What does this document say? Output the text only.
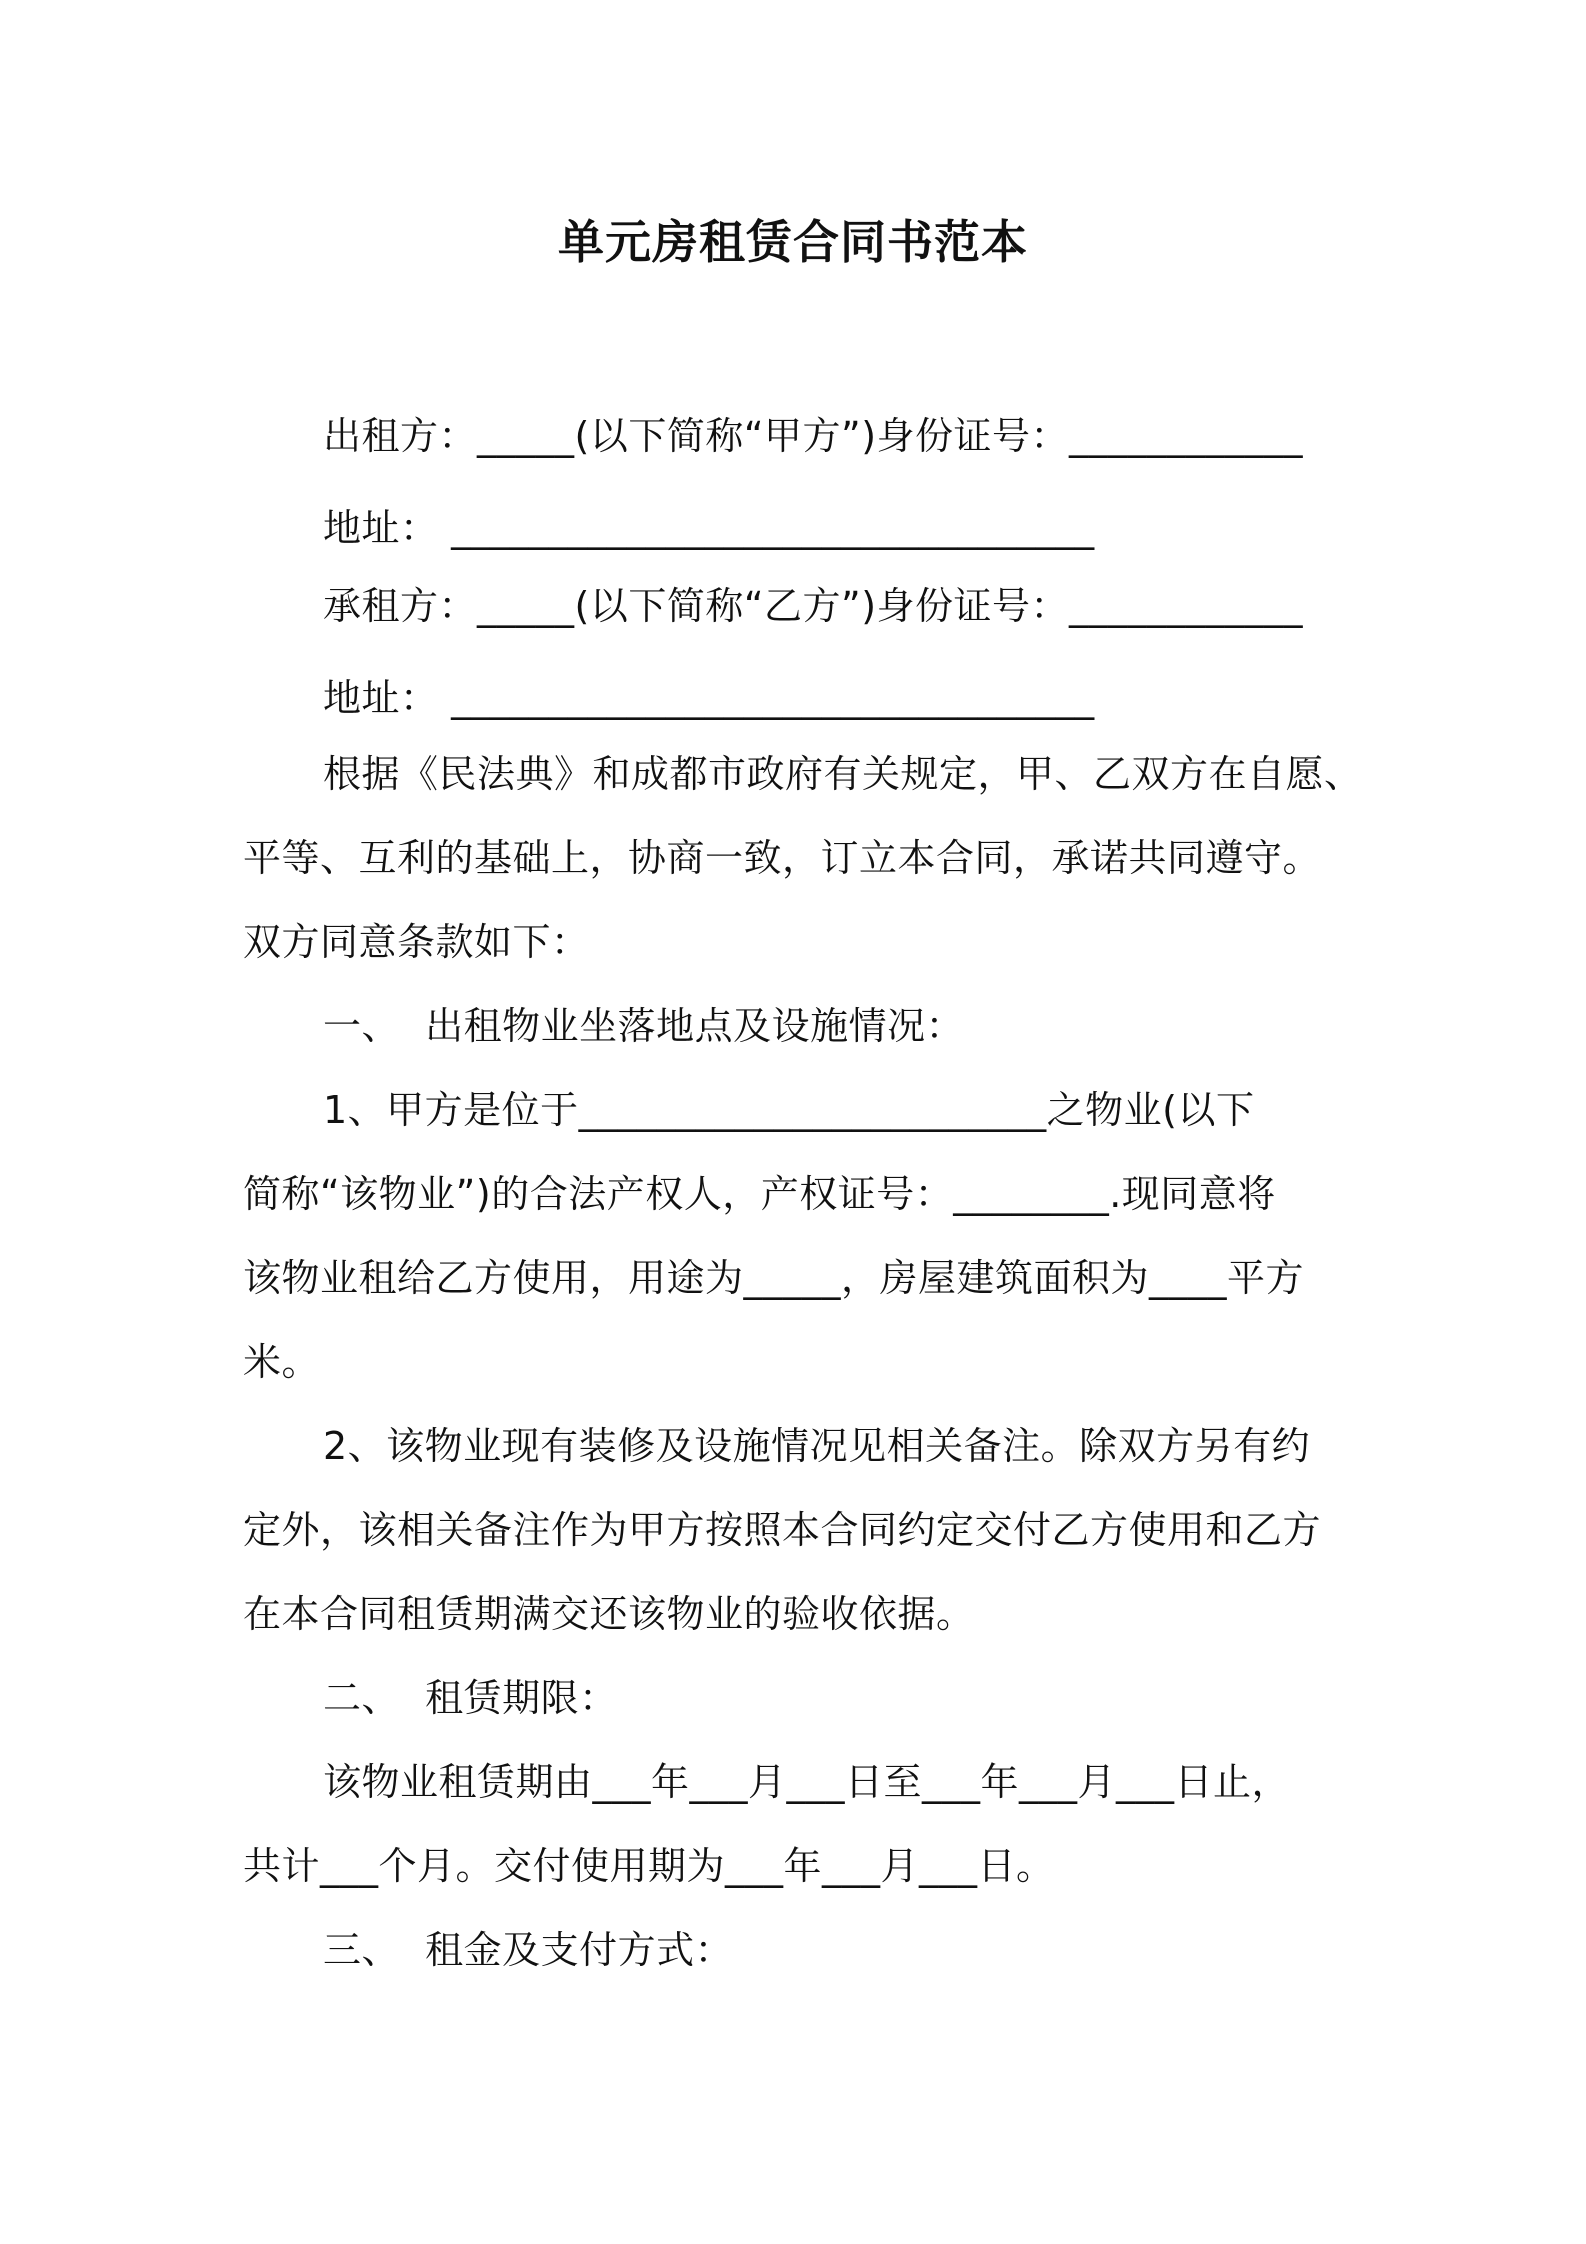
单元房租赁合同书范本
出租方：_____(以下简称“甲方”)身份证号：____________
地址： _________________________________
承租方：_____(以下简称“乙方”)身份证号：____________
地址： _________________________________
根据《民法典》和成都市政府有关规定，甲、乙双方在自愿、
平等、互利的基础上，协商一致，订立本合同，承诺共同遵守。
双方同意条款如下：
一、  出租物业坐落地点及设施情况：
1、甲方是位于________________________之物业(以下
简称“该物业”)的合法产权人，产权证号：________.现同意将
该物业租给乙方使用，用途为_____，房屋建筑面积为____平方
米。
2、该物业现有装修及设施情况见相关备注。除双方另有约
定外，该相关备注作为甲方按照本合同约定交付乙方使用和乙方
在本合同租赁期满交还该物业的验收依据。
二、  租赁期限：
该物业租赁期由___年___月___日至___年___月___日止，
共计___个月。交付使用期为___年___月___日。
三、  租金及支付方式：
